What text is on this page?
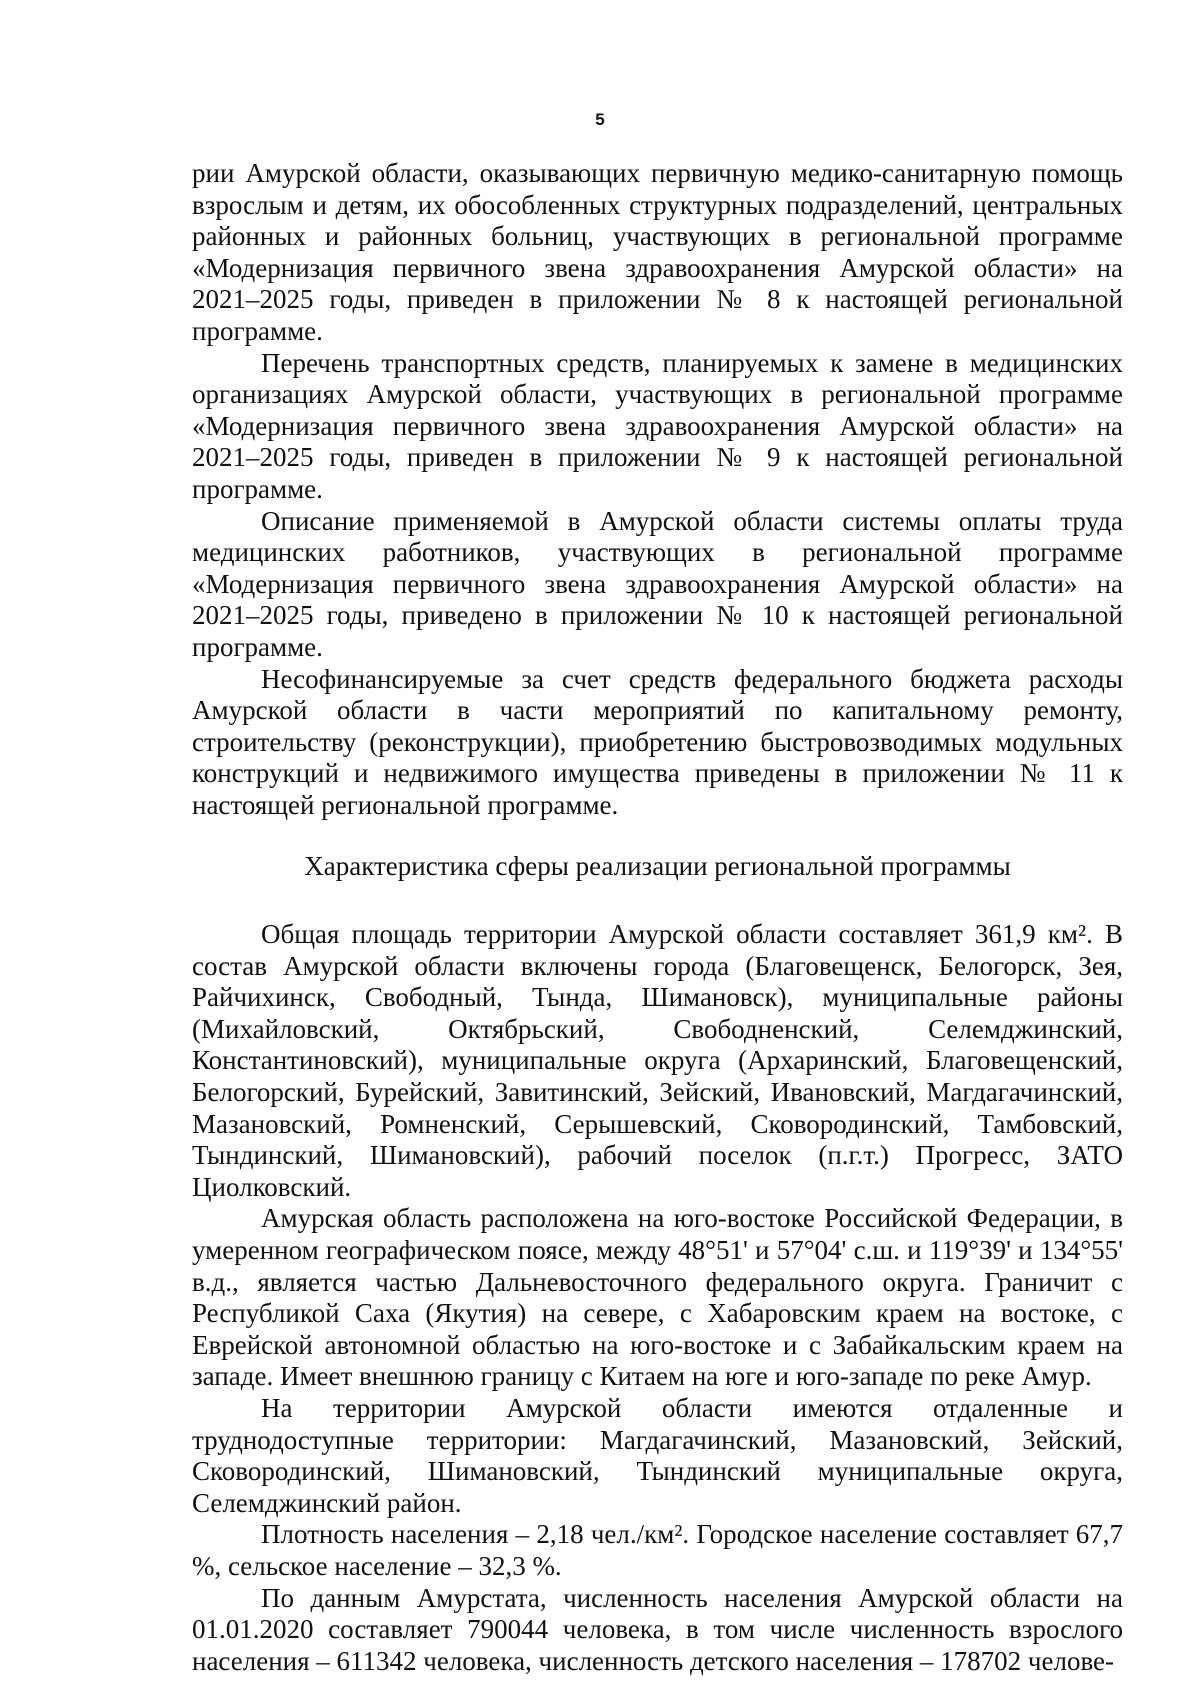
5

рии Амурской области, оказывающих первичную медико-санитарную помощь взрослым и детям, их обособленных структурных подразделений, центральных районных и районных больниц, участвующих в региональной программе «Модернизация первичного звена здравоохранения Амурской области» на 2021–2025 годы, приведен в приложении № 8 к настоящей региональной программе.

Перечень транспортных средств, планируемых к замене в медицинских организациях Амурской области, участвующих в региональной программе «Модернизация первичного звена здравоохранения Амурской области» на 2021–2025 годы, приведен в приложении № 9 к настоящей региональной программе.

Описание применяемой в Амурской области системы оплаты труда медицинских работников, участвующих в региональной программе «Модернизация первичного звена здравоохранения Амурской области» на 2021–2025 годы, приведено в приложении № 10 к настоящей региональной программе.

Несофинансируемые за счет средств федерального бюджета расходы Амурской области в части мероприятий по капитальному ремонту, строительству (реконструкции), приобретению быстровозводимых модульных конструкций и недвижимого имущества приведены в приложении № 11 к настоящей региональной программе.

Характеристика сферы реализации региональной программы

Общая площадь территории Амурской области составляет 361,9 км². В состав Амурской области включены города (Благовещенск, Белогорск, Зея, Райчихинск, Свободный, Тында, Шимановск), муниципальные районы (Михайловский, Октябрьский, Свободненский, Селемджинский, Константиновский), муниципальные округа (Архаринский, Благовещенский, Белогорский, Бурейский, Завитинский, Зейский, Ивановский, Магдагачинский, Мазановский, Ромненский, Серышевский, Сковородинский, Тамбовский, Тындинский, Шимановский), рабочий поселок (п.г.т.) Прогресс, ЗАТО Циолковский.

Амурская область расположена на юго-востоке Российской Федерации, в умеренном географическом поясе, между 48°51' и 57°04' с.ш. и 119°39' и 134°55' в.д., является частью Дальневосточного федерального округа. Граничит с Республикой Саха (Якутия) на севере, с Хабаровским краем на востоке, с Еврейской автономной областью на юго-востоке и с Забайкальским краем на западе. Имеет внешнюю границу с Китаем на юге и юго-западе по реке Амур.

На территории Амурской области имеются отдаленные и труднодоступные территории: Магдагачинский, Мазановский, Зейский, Сковородинский, Шимановский, Тындинский муниципальные округа, Селемджинский район.

Плотность населения – 2,18 чел./км². Городское население составляет 67,7 %, сельское население – 32,3 %.

По данным Амурстата, численность населения Амурской области на 01.01.2020 составляет 790044 человека, в том числе численность взрослого населения – 611342 человека, численность детского населения – 178702 челове-
